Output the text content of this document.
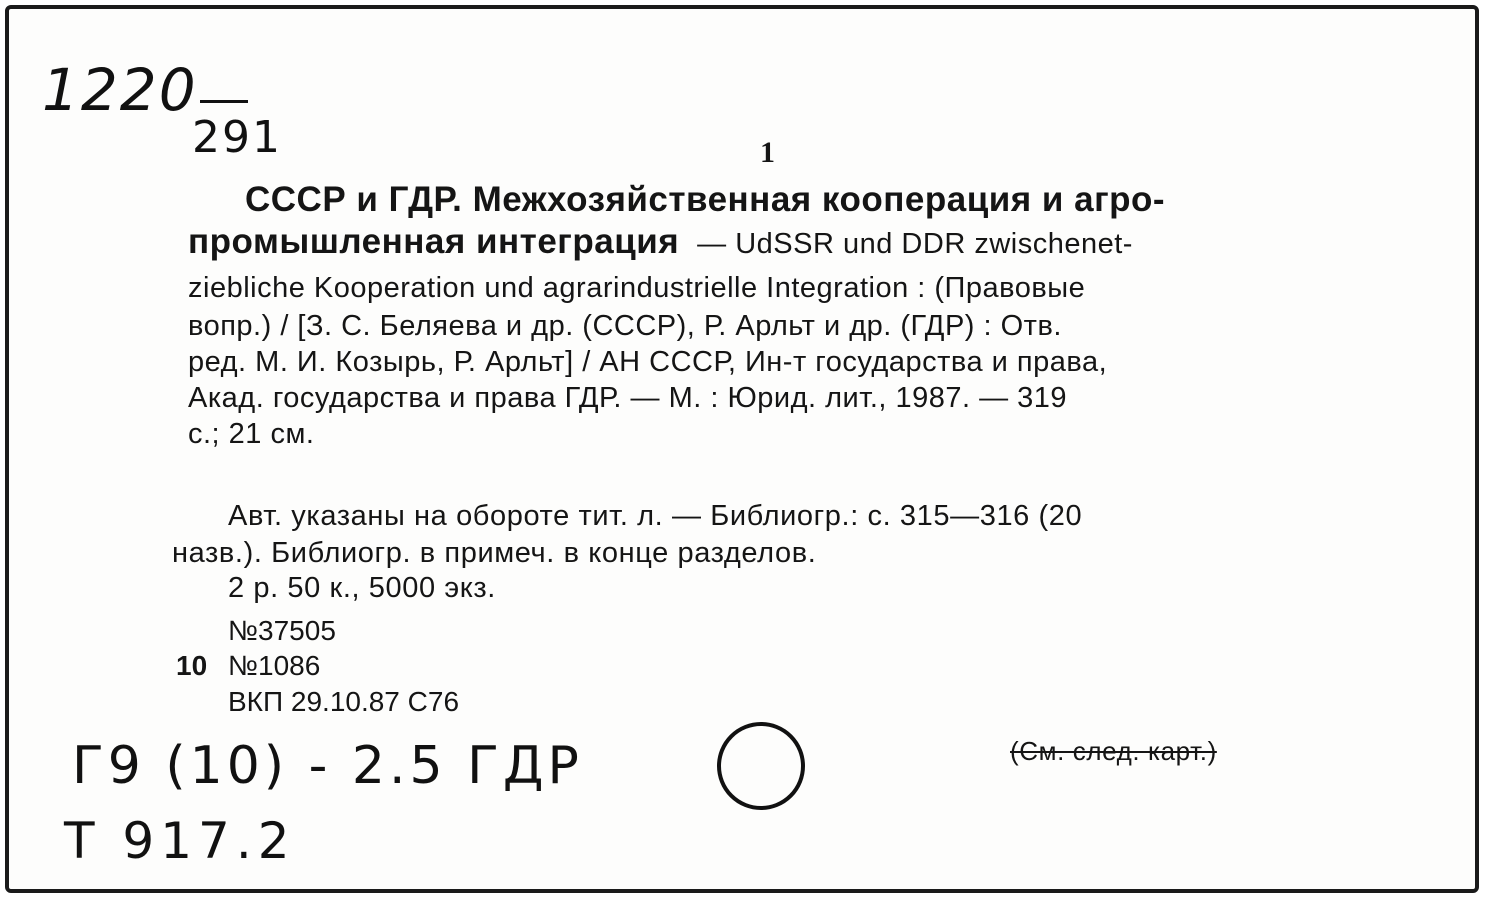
1220
291	1
СССР и ГДР. Межхозяйственная кооперация и агро-
промышленная интеграция — UdSSR und DDR zwischenet-
ziebliche Kooperation und agrarindustrielle Integration : (Правовые
вопр.) / [З. С. Беляева и др. (СССР), Р. Арльт и др. (ГДР) : Отв.
ред. М. И. Козырь, Р. Арльт] / АН СССР, Ин-т государства и права,
Акад. государства и права ГДР. — М. : Юрид. лит., 1987. — 319
с.; 21 см.
Авт. указаны на обороте тит. л. — Библиогр.: с. 315—316 (20
назв.). Библиогр. в примеч. в конце разделов.
2 р. 50 к., 5000 экз.
№37505
10 №1086
ВКП 29.10.87 С76
Г9 (10) - 2.5 ГДР
Т 917.2
(См. след. карт.)
